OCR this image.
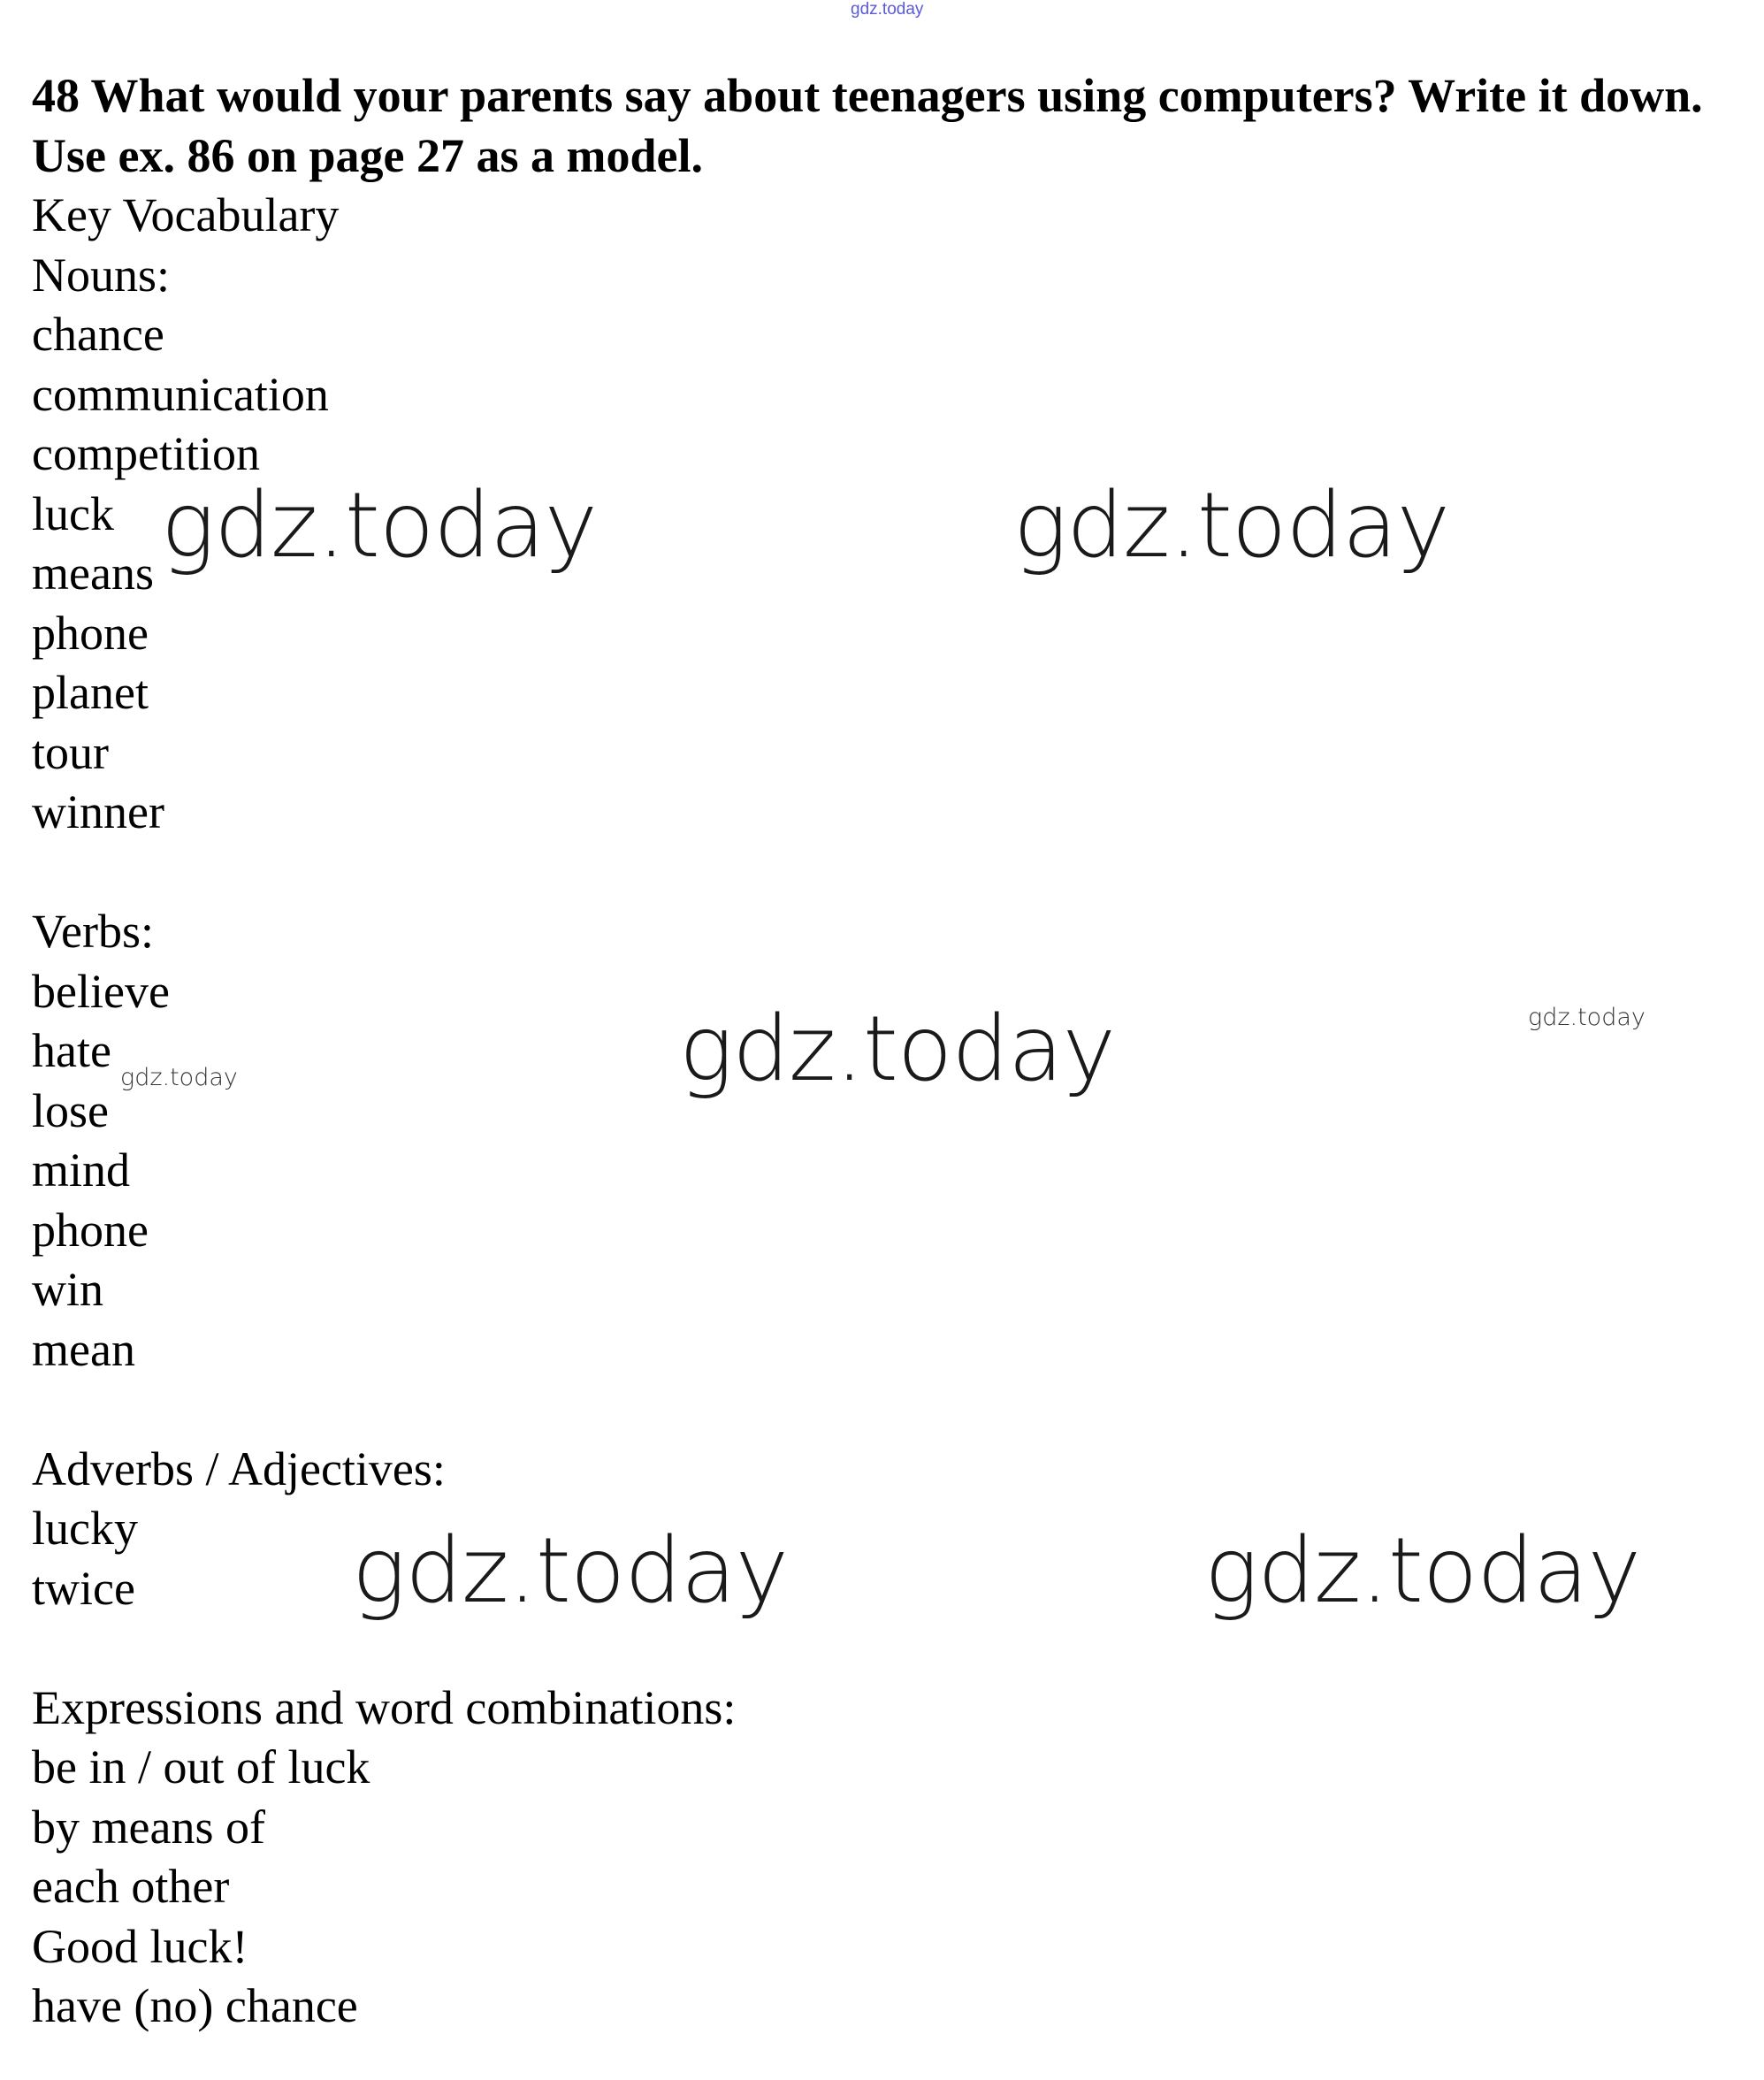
gdz.today
48 What would your parents say about teenagers using computers? Write it down. Use ex. 86 on page 27 as a model.
Key Vocabulary
Nouns:
chance
communication
competition
luck
means
phone
planet
tour
winner
Verbs:
believe
hate
lose
mind
phone
win
mean
Adverbs / Adjectives:
lucky
twice
Expressions and word combinations:
be in / out of luck
by means of
each other
Good luck!
have (no) chance
gdz.today	gdz.today
gdz.today	gdz.today
gdz.today
gdz.today	gdz.today
